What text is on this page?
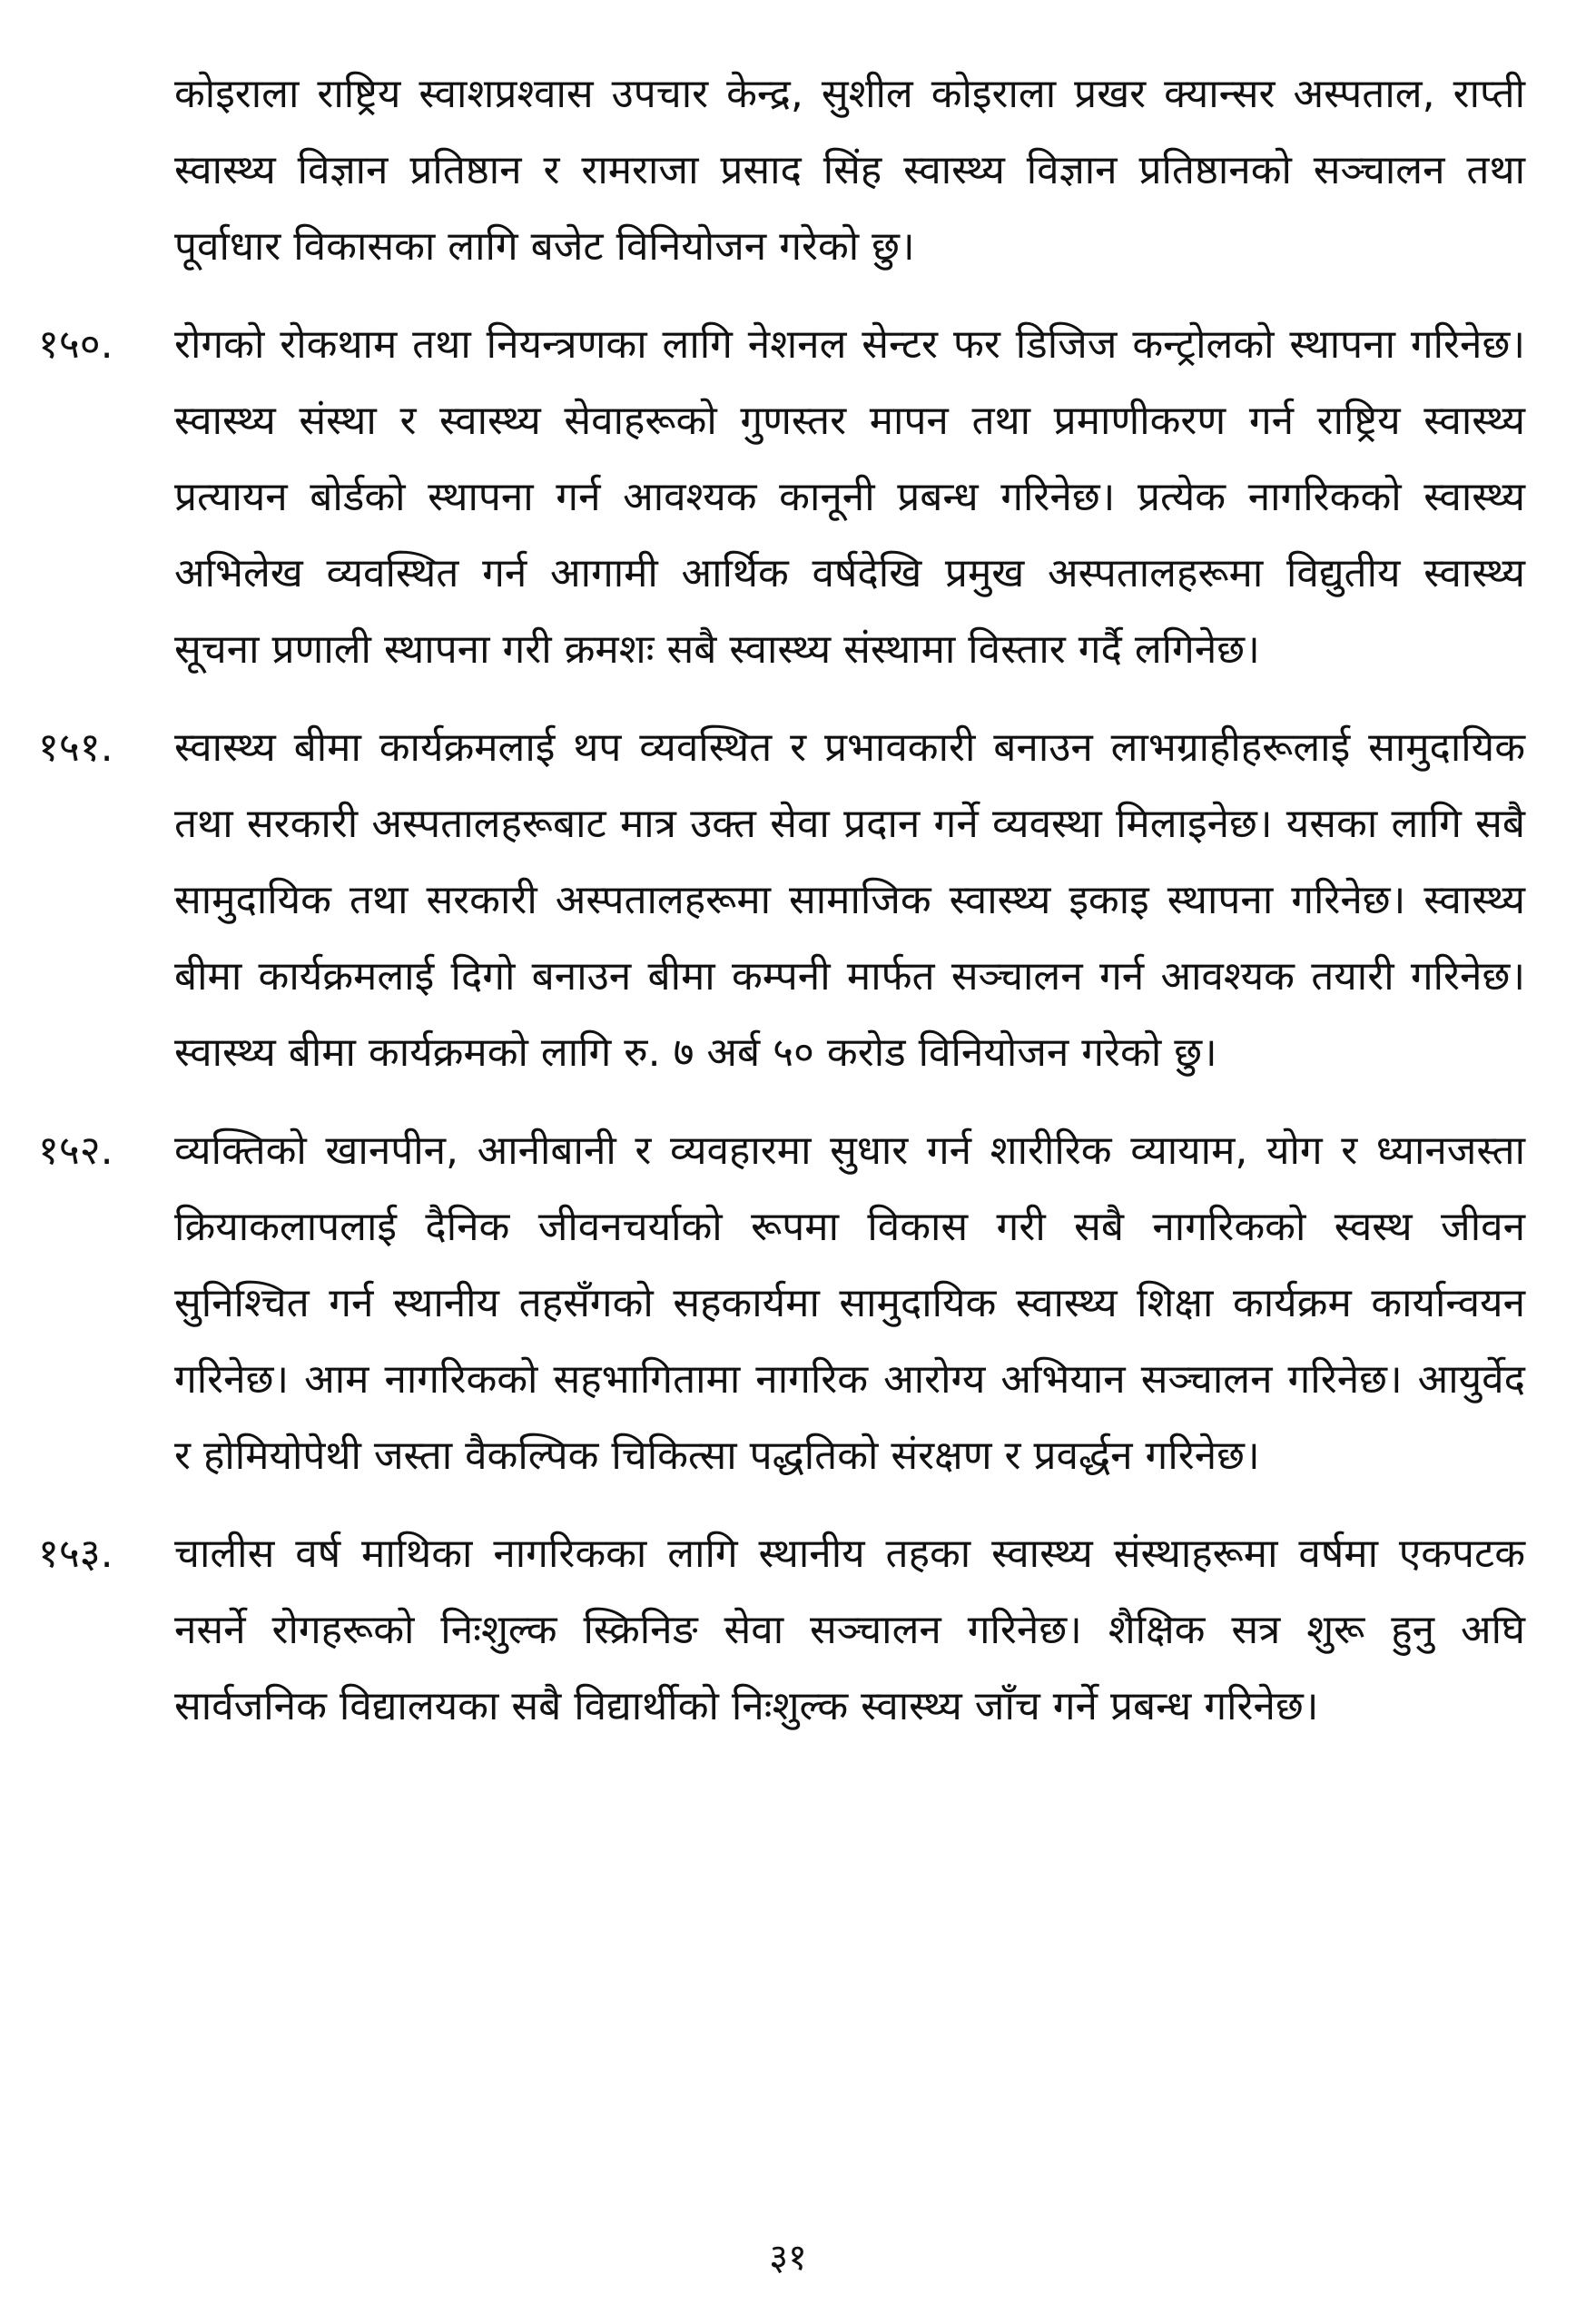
कोइराला राष्ट्रिय स्वाशप्रश्वास उपचार केन्द्र, सुशील कोइराला प्रखर क्यान्सर अस्पताल, राप्ती स्वास्थ्य विज्ञान प्रतिष्ठान र रामराजा प्रसाद सिंह स्वास्थ्य विज्ञान प्रतिष्ठानको सञ्चालन तथा पूर्वाधार विकासका लागि बजेट विनियोजन गरेको छु।

१५०.	रोगको रोकथाम तथा नियन्त्रणका लागि नेशनल सेन्टर फर डिजिज कन्ट्रोलको स्थापना गरिनेछ। स्वास्थ्य संस्था र स्वास्थ्य सेवाहरूको गुणस्तर मापन तथा प्रमाणीकरण गर्न राष्ट्रिय स्वास्थ्य प्रत्यायन बोर्डको स्थापना गर्न आवश्यक कानूनी प्रबन्ध गरिनेछ। प्रत्येक नागरिकको स्वास्थ्य अभिलेख व्यवस्थित गर्न आगामी आर्थिक वर्षदेखि प्रमुख अस्पतालहरूमा विद्युतीय स्वास्थ्य सूचना प्रणाली स्थापना गरी क्रमशः सबै स्वास्थ्य संस्थामा विस्तार गर्दै लगिनेछ।

१५१.	स्वास्थ्य बीमा कार्यक्रमलाई थप व्यवस्थित र प्रभावकारी बनाउन लाभग्राहीहरूलाई सामुदायिक तथा सरकारी अस्पतालहरूबाट मात्र उक्त सेवा प्रदान गर्ने व्यवस्था मिलाइनेछ। यसका लागि सबै सामुदायिक तथा सरकारी अस्पतालहरूमा सामाजिक स्वास्थ्य इकाइ स्थापना गरिनेछ। स्वास्थ्य बीमा कार्यक्रमलाई दिगो बनाउन बीमा कम्पनी मार्फत सञ्चालन गर्न आवश्यक तयारी गरिनेछ। स्वास्थ्य बीमा कार्यक्रमको लागि रु. ७ अर्ब ५० करोड विनियोजन गरेको छु।

१५२.	व्यक्तिको खानपीन, आनीबानी र व्यवहारमा सुधार गर्न शारीरिक व्यायाम, योग र ध्यानजस्ता क्रियाकलापलाई दैनिक जीवनचर्याको रूपमा विकास गरी सबै नागरिकको स्वस्थ जीवन सुनिश्चित गर्न स्थानीय तहसँगको सहकार्यमा सामुदायिक स्वास्थ्य शिक्षा कार्यक्रम कार्यान्वयन गरिनेछ। आम नागरिकको सहभागितामा नागरिक आरोग्य अभियान सञ्चालन गरिनेछ। आयुर्वेद र होमियोपेथी जस्ता वैकल्पिक चिकित्सा पद्धतिको संरक्षण र प्रवर्द्धन गरिनेछ।

१५३.	चालीस वर्ष माथिका नागरिकका लागि स्थानीय तहका स्वास्थ्य संस्थाहरूमा वर्षमा एकपटक नसर्ने रोगहरूको निःशुल्क स्क्रिनिङ सेवा सञ्चालन गरिनेछ। शैक्षिक सत्र शुरू हुनु अघि सार्वजनिक विद्यालयका सबै विद्यार्थीको निःशुल्क स्वास्थ्य जाँच गर्ने प्रबन्ध गरिनेछ।

३१
